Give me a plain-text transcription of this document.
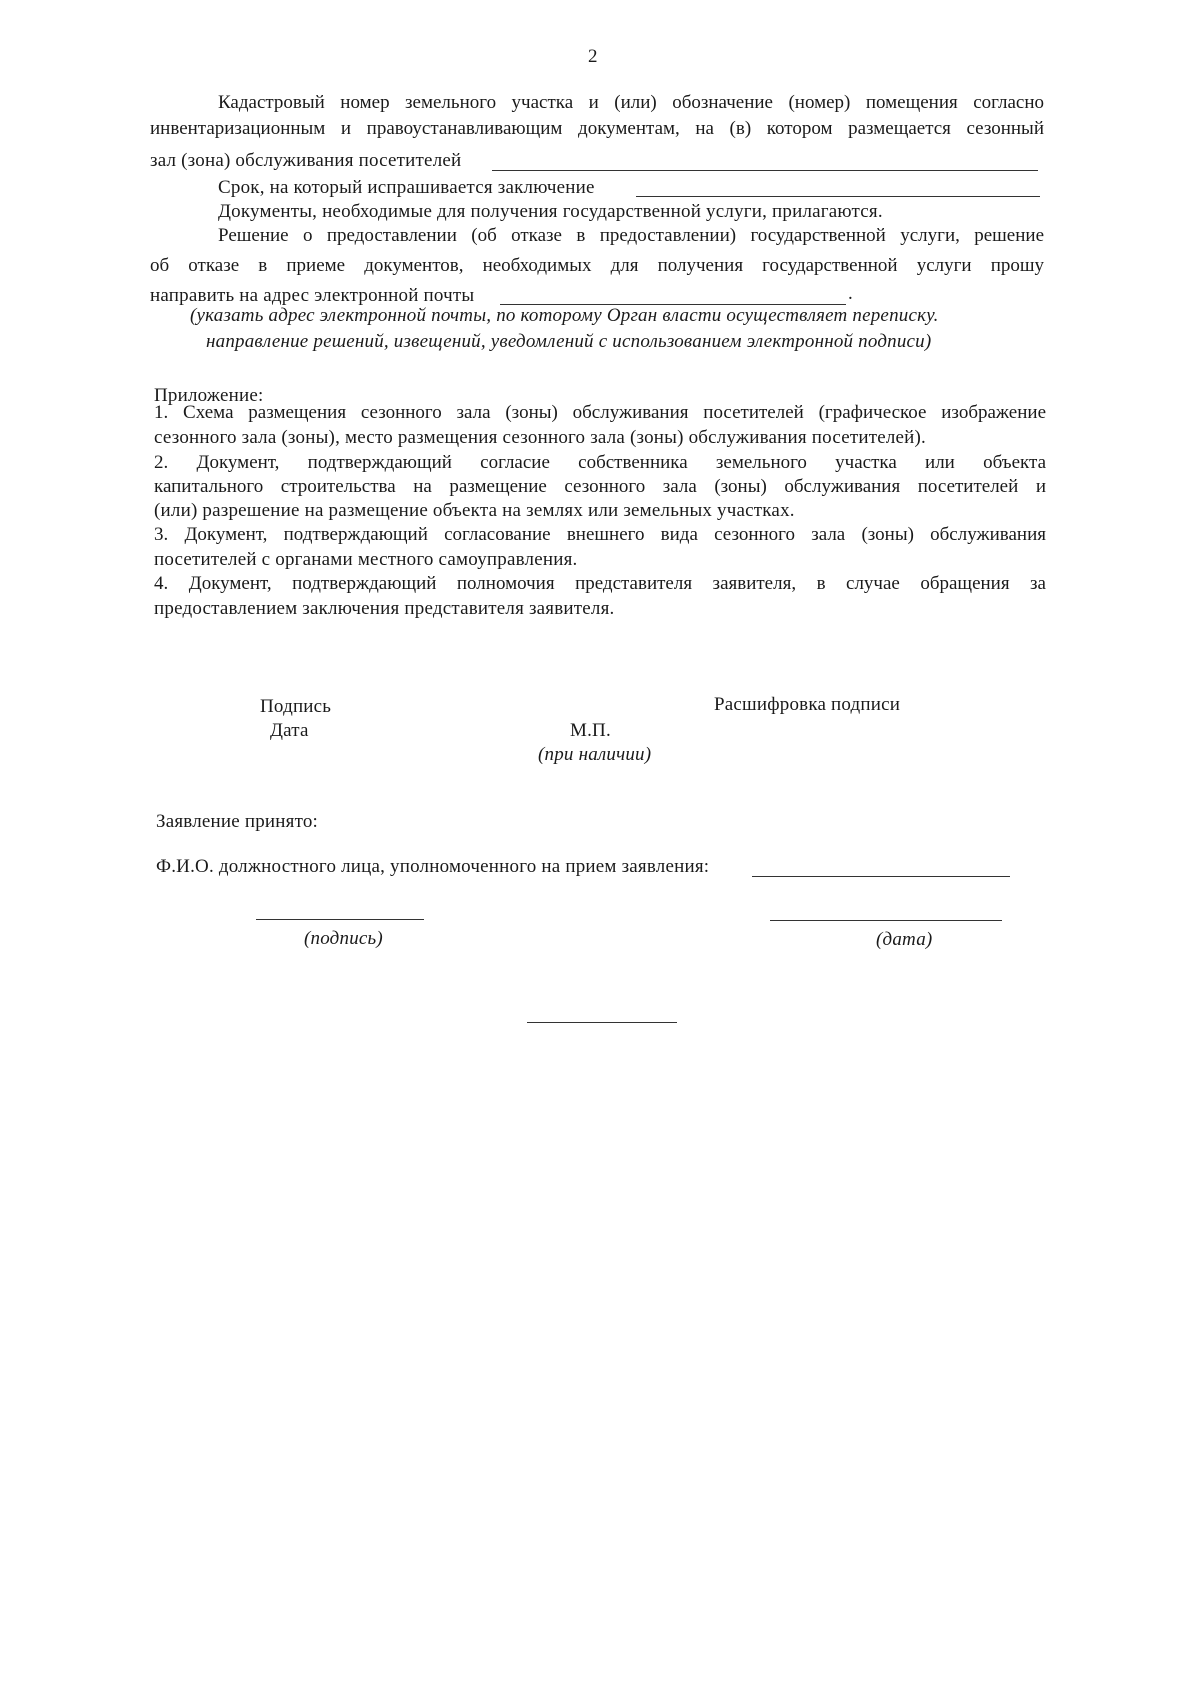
2
Кадастровый номер земельного участка и (или) обозначение (номер) помещения согласно
инвентаризационным и правоустанавливающим документам, на (в) котором размещается сезонный
зал (зона) обслуживания посетителей
Срок, на который испрашивается заключение
Документы, необходимые для получения государственной услуги, прилагаются.
Решение о предоставлении (об отказе в предоставлении) государственной услуги, решение
об отказе в приеме документов, необходимых для получения государственной услуги прошу
направить на адрес электронной почты	.
(указать адрес электронной почты, по которому Орган власти осуществляет переписку.
направление решений, извещений, уведомлений с использованием электронной подписи)
Приложение:
1. Схема размещения сезонного зала (зоны) обслуживания посетителей (графическое изображение
сезонного зала (зоны), место размещения сезонного зала (зоны) обслуживания посетителей).
2. Документ, подтверждающий согласие собственника земельного участка или объекта
капитального строительства на размещение сезонного зала (зоны) обслуживания посетителей и
(или) разрешение на размещение объекта на землях или земельных участках.
3. Документ, подтверждающий согласование внешнего вида сезонного зала (зоны) обслуживания
посетителей с органами местного самоуправления.
4. Документ, подтверждающий полномочия представителя заявителя, в случае обращения за
предоставлением заключения представителя заявителя.
Подпись
Дата
Расшифровка подписи
М.П.
(при наличии)
Заявление принято:
Ф.И.О. должностного лица, уполномоченного на прием заявления:
(подпись)	(дата)
